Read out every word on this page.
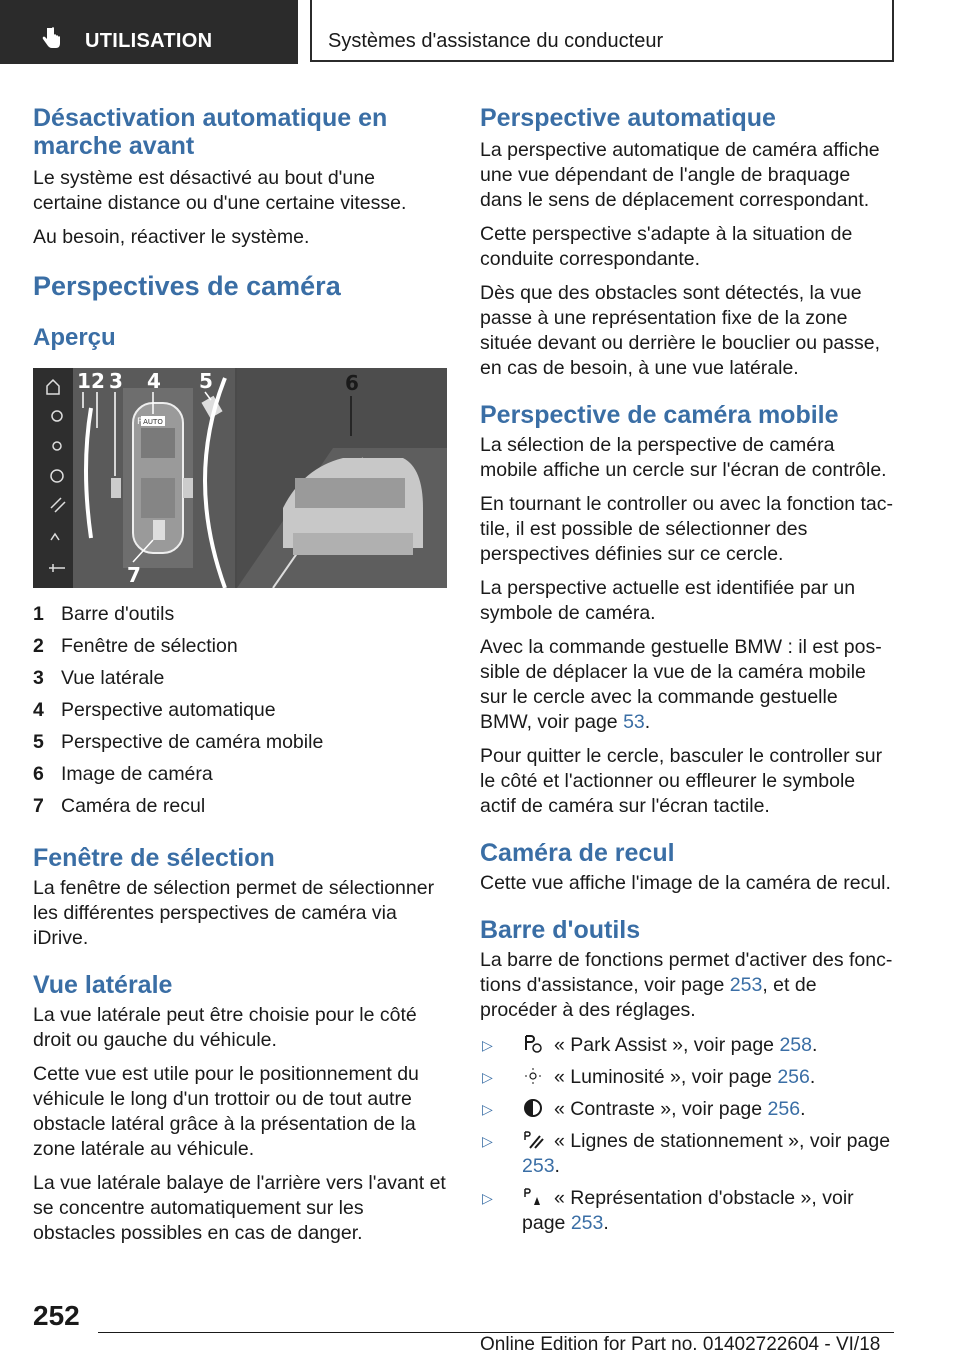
UTILISATION	Systèmes d'assistance du conducteur
Désactivation automatique en marche avant

Le système est désactivé au bout d'une certaine distance ou d'une certaine vitesse.

Au besoin, réactiver le système.

Perspectives de caméra
Aperçu
AUTO
P
1 2 3 4 5	6
7
1 Barre d'outils
2 Fenêtre de sélection
3 Vue latérale
4 Perspective automatique
5 Perspective de caméra mobile
6 Image de caméra
7 Caméra de recul
Fenêtre de sélection

La fenêtre de sélection permet de sélectionner les différentes perspectives de caméra via iDrive.

Vue latérale

La vue latérale peut être choisie pour le côté droit ou gauche du véhicule.

Cette vue est utile pour le positionnement du véhicule le long d'un trottoir ou de tout autre obstacle latéral grâce à la présentation de la zone latérale au véhicule.

La vue latérale balaye de l'arrière vers l'avant et se concentre automatiquement sur les obstacles possibles en cas de danger.

Perspective automatique

La perspective automatique de caméra affiche une vue dépendant de l'angle de braquage dans le sens de déplacement correspondant.

Cette perspective s'adapte à la situation de conduite correspondante.

Dès que des obstacles sont détectés, la vue passe à une représentation fixe de la zone située devant ou derrière le bouclier ou passe, en cas de besoin, à une vue latérale.

Perspective de caméra mobile

La sélection de la perspective de caméra mobile affiche un cercle sur l'écran de contrôle.

En tournant le controller ou avec la fonction tactile, il est possible de sélectionner des perspectives définies sur ce cercle.

La perspective actuelle est identifiée par un symbole de caméra.

Avec la commande gestuelle BMW : il est possible de déplacer la vue de la caméra mobile sur le cercle avec la commande gestuelle BMW, voir page 53.

Pour quitter le cercle, basculer le controller sur le côté et l'actionner ou effleurer le symbole actif de caméra sur l'écran tactile.

Caméra de recul

Cette vue affiche l'image de la caméra de recul.

Barre d'outils

La barre de fonctions permet d'activer des fonctions d'assistance, voir page 253, et de procéder à des réglages.

▷	« Park Assist », voir page 258.
▷	« Luminosité », voir page 256.
▷	« Contraste », voir page 256.
▷	« Lignes de stationnement », voir page 253.
▷	« Représentation d'obstacle », voir page 253.
252
Online Edition for Part no. 01402722604 - VI/18
